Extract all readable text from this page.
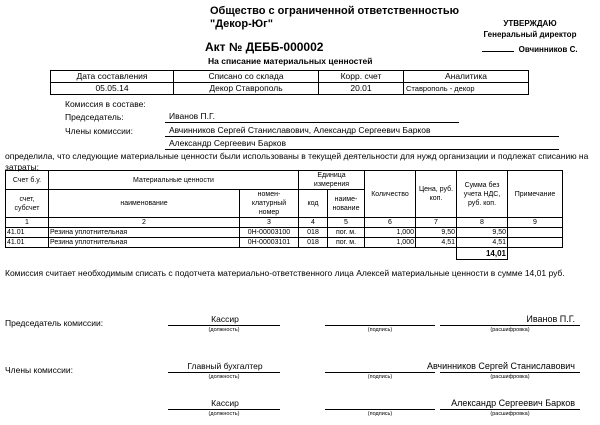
Общество с ограниченной ответственностью
"Декор-Юг"	УТВЕРЖДАЮ
Генеральный директор
Овчинников С.
Акт № ДЕББ-000002
На списание материальных ценностей
Дата составления	Списано со склада	Корр. счет	Аналитика
05.05.14	Декор Ставрополь	20.01	Ставрополь - декор
Комиссия в составе:
Председатель:	Иванов П.Г.
Члены комиссии:	Авчинников Сергей Станиславович, Александр Сергеевич Барков
Александр Сергеевич Барков
определила, что следующие материальные ценности были использованы в текущей деятельности для нужд организации и подлежат списанию на затраты:
Счет б.у.	Материальные ценности		Единица измерения		Количество	Цена, руб. коп.	Сумма без учета НДС, руб. коп.	Примечание
счет, субсчет	наименование	номен- клатурный номер	код	наиме- нование				
1	2	3	4	5	6	7	8	9
41.01	Резина уплотнительная	0Н-00003100	018	пог. м.	1,000	9,50	9,50	
41.01	Резина уплотнительная	0Н-00003101	018	пог. м.	1,000	4,51	4,51	
							14,01	
Комиссия считает необходимым списать с подотчета материально-ответственного лица Алексей материальные ценности в сумме 14,01 руб.
Председатель комиссии:
Члены комиссии:
Кассир
(должность)	(подпись)
Иванов П.Г.
(расшифровка)
Главный бухгалтер
(должность)	(подпись)
Авчинников Сергей Станиславович
(расшифровка)
Кассир
(должность)	(подпись)
Александр Сергеевич Барков
(расшифровка)
